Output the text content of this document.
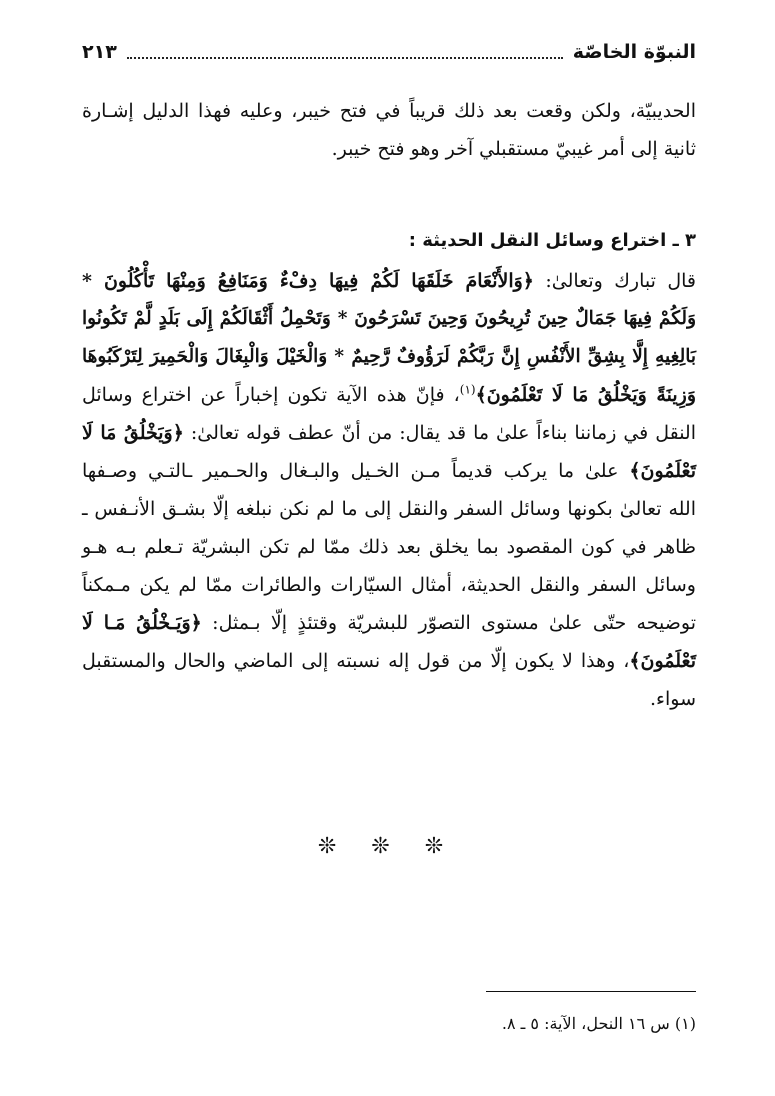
النبوّة الخاصّة
٢١٣
الحديبيّة، ولكن وقعت بعد ذلك قريباً في فتح خيبر، وعليه فهذا الدليل إشـارة
ثانية إلى أمر غيبيّ مستقبلي آخر وهو فتح خيبر.
٣ ـ اختراع وسائل النقل الحديثة :
قال تبارك وتعالىٰ: ﴿وَالأَنْعَامَ خَلَقَهَا لَكُمْ فِيهَا دِفْءٌ وَمَنَافِعُ وَمِنْهَا تَأْكُلُونَ *
وَلَكُمْ فِيهَا جَمَالٌ حِينَ تُرِيحُونَ وَحِينَ تَسْرَحُونَ * وَتَحْمِلُ أَثْقَالَكُمْ إِلَى بَلَدٍ لَّمْ تَكُونُوا
بَالِغِيهِ إِلَّا بِشِقِّ الأَنْفُسِ إِنَّ رَبَّكُمْ لَرَؤُوفٌ رَّحِيمٌ * وَالْخَيْلَ وَالْبِغَالَ وَالْحَمِيرَ لِتَرْكَبُوهَا
وَزِينَةً وَيَخْلُقُ مَا لَا تَعْلَمُونَ﴾$^{(١)}$، فإنّ هذه الآية تكون إخباراً عن اختراع وسائل
النقل في زماننا بناءاً علىٰ ما قد يقال: من أنّ عطف قوله تعالىٰ: ﴿وَيَخْلُقُ مَا لَا
تَعْلَمُونَ﴾ علىٰ ما يركب قديماً مـن الخـيل والبـغال والحـمير ـالتـي وصـفها
الله تعالىٰ بكونها وسائل السفر والنقل إلى ما لم نكن نبلغه إلّا بشـق الأنـفس ـ
ظاهر في كون المقصود بما يخلق بعد ذلك ممّا لم تكن البشريّة تـعلم بـه هـو
وسائل السفر والنقل الحديثة، أمثال السيّارات والطائرات ممّا لم يكن مـمكناً
توضيحه حتّى علىٰ مستوى التصوّر للبشريّة وقتئذٍ إلّا بـمثل: ﴿وَيَـخْلُقُ مَـا لَا
تَعْلَمُونَ﴾، وهذا لا يكون إلّا من قول إله نسبته إلى الماضي والحال والمستقبل
سواء.
❊ ❊ ❊
(١) س ١٦ النحل، الآية: ٥ ـ ٨.
